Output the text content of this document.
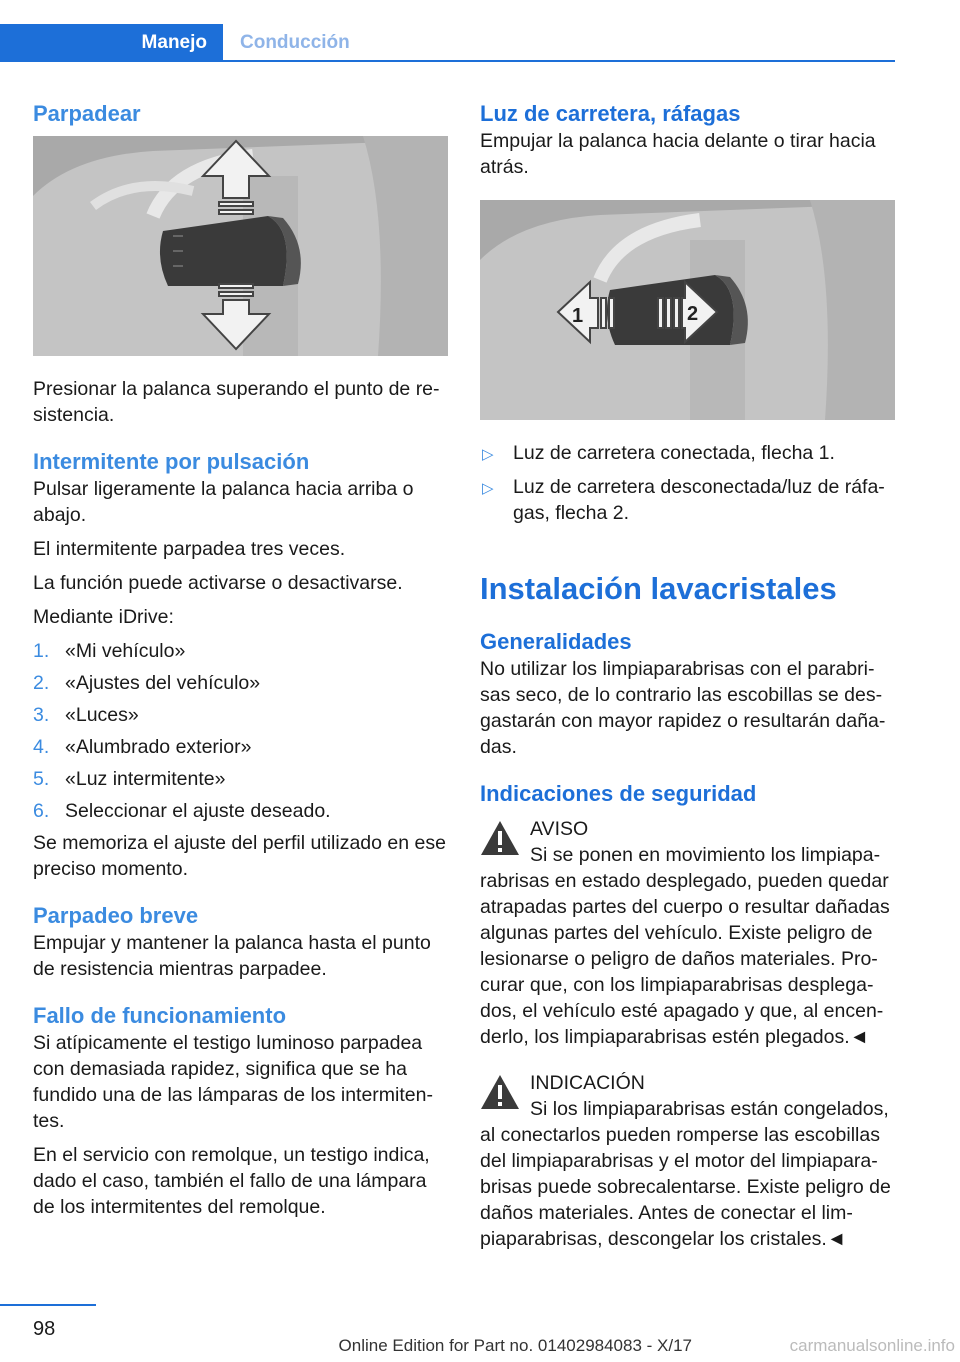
Manejo	Conducción
Parpadear

Presionar la palanca superando el punto de re‐sistencia.

Intermitente por pulsación

Pulsar ligeramente la palanca hacia arriba o abajo.

El intermitente parpadea tres veces.

La función puede activarse o desactivarse.

Mediante iDrive:

1. «Mi vehículo»
2. «Ajustes del vehículo»
3. «Luces»
4. «Alumbrado exterior»
5. «Luz intermitente»
6. Seleccionar el ajuste deseado.

Se memoriza el ajuste del perfil utilizado en ese preciso momento.

Parpadeo breve

Empujar y mantener la palanca hasta el punto de resistencia mientras parpadee.

Fallo de funcionamiento

Si atípicamente el testigo luminoso parpadea con demasiada rapidez, significa que se ha fundido una de las lámparas de los intermiten‐tes.

En el servicio con remolque, un testigo indica, dado el caso, también el fallo de una lámpara de los intermitentes del remolque.

Luz de carretera, ráfagas

Empujar la palanca hacia delante o tirar hacia atrás.

1	2
▷ Luz de carretera conectada, flecha 1.
▷ Luz de carretera desconectada/luz de ráfa‐gas, flecha 2.
Instalación lavacristales
Generalidades

No utilizar los limpiaparabrisas con el parabri‐sas seco, de lo contrario las escobillas se des‐gastarán con mayor rapidez o resultarán daña‐das.

Indicaciones de seguridad
AVISO
Si se ponen en movimiento los limpiapa‐
rabrisas en estado desplegado, pueden quedar atrapadas partes del cuerpo o resultar dañadas algunas partes del vehículo. Existe peligro de lesionarse o peligro de daños materiales. Pro‐curar que, con los limpiaparabrisas desplega‐dos, el vehículo esté apagado y que, al encen‐derlo, los limpiaparabrisas estén plegados.◄
INDICACIÓN
Si los limpiaparabrisas están congelados,
al conectarlos pueden romperse las escobillas del limpiaparabrisas y el motor del limpiapara‐brisas puede sobrecalentarse. Existe peligro de daños materiales. Antes de conectar el lim‐piaparabrisas, descongelar los cristales.◄
98
Online Edition for Part no. 01402984083 - X/17	carmanualsonline.info
